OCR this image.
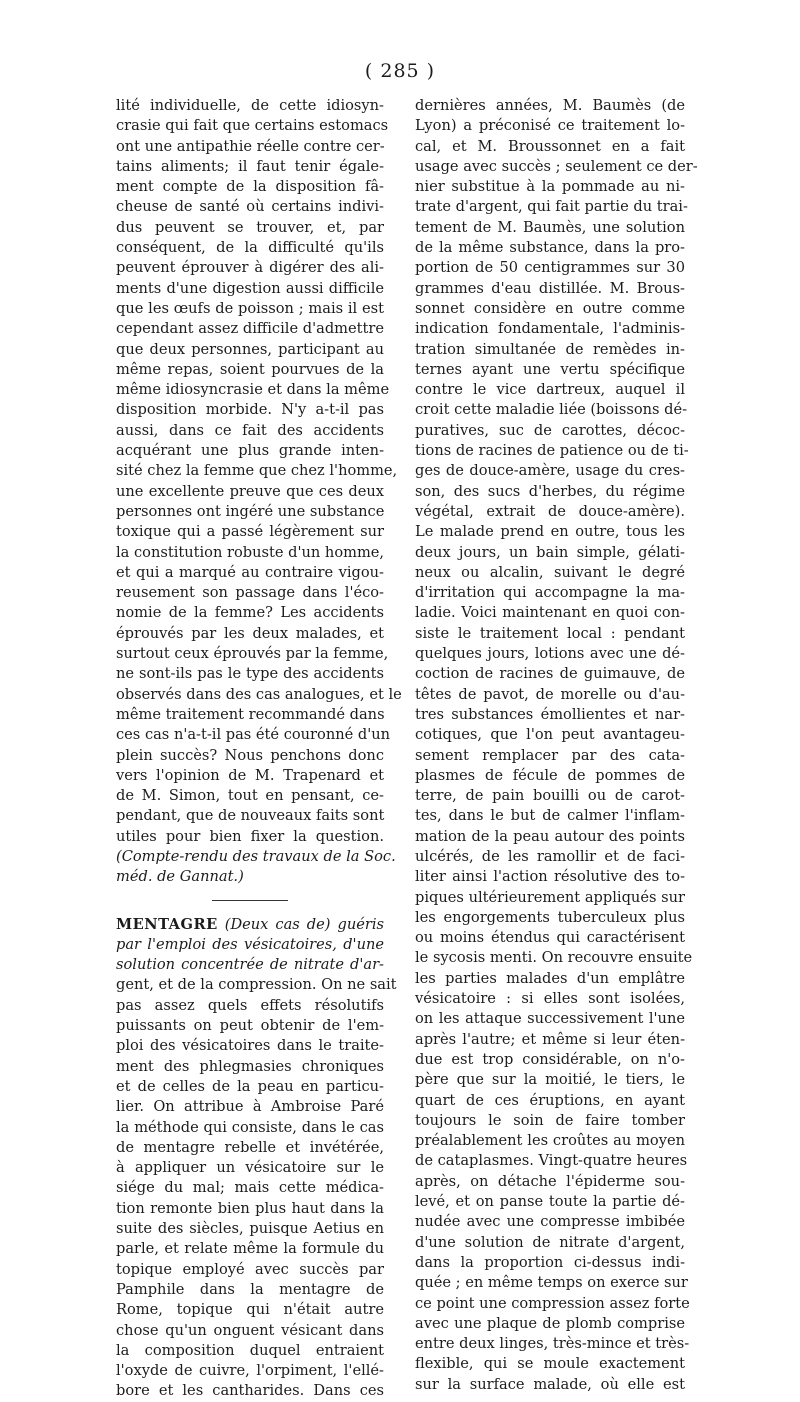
( 285 )
lité individuelle, de cette idiosyn-
crasie qui fait que certains estomacs
ont une antipathie réelle contre cer-
tains aliments; il faut tenir égale-
ment compte de la disposition fâ-
cheuse de santé où certains indivi-
dus peuvent se trouver, et, par
conséquent, de la difficulté qu'ils
peuvent éprouver à digérer des ali-
ments d'une digestion aussi difficile
que les œufs de poisson ; mais il est
cependant assez difficile d'admettre
que deux personnes, participant au
même repas, soient pourvues de la
même idiosyncrasie et dans la même
disposition morbide. N'y a-t-il pas
aussi, dans ce fait des accidents
acquérant une plus grande inten-
sité chez la femme que chez l'homme,
une excellente preuve que ces deux
personnes ont ingéré une substance
toxique qui a passé légèrement sur
la constitution robuste d'un homme,
et qui a marqué au contraire vigou-
reusement son passage dans l'éco-
nomie de la femme? Les accidents
éprouvés par les deux malades, et
surtout ceux éprouvés par la femme,
ne sont-ils pas le type des accidents
observés dans des cas analogues, et le
même traitement recommandé dans
ces cas n'a-t-il pas été couronné d'un
plein succès? Nous penchons donc
vers l'opinion de M. Trapenard et
de M. Simon, tout en pensant, ce-
pendant, que de nouveaux faits sont
utiles pour bien fixer la question.
(Compte-rendu des travaux de la Soc.
méd. de Gannat.)
MENTAGRE (Deux cas de) guéris
par l'emploi des vésicatoires, d'une
solution concentrée de nitrate d'ar-
gent, et de la compression. On ne sait
pas assez quels effets résolutifs
puissants on peut obtenir de l'em-
ploi des vésicatoires dans le traite-
ment des phlegmasies chroniques
et de celles de la peau en particu-
lier. On attribue à Ambroise Paré
la méthode qui consiste, dans le cas
de mentagre rebelle et invétérée,
à appliquer un vésicatoire sur le
siége du mal; mais cette médica-
tion remonte bien plus haut dans la
suite des siècles, puisque Aetius en
parle, et relate même la formule du
topique employé avec succès par
Pamphile dans la mentagre de
Rome, topique qui n'était autre
chose qu'un onguent vésicant dans
la composition duquel entraient
l'oxyde de cuivre, l'orpiment, l'ellé-
bore et les cantharides. Dans ces
dernières années, M. Baumès (de
Lyon) a préconisé ce traitement lo-
cal, et M. Broussonnet en a fait
usage avec succès ; seulement ce der-
nier substitue à la pommade au ni-
trate d'argent, qui fait partie du trai-
tement de M. Baumès, une solution
de la même substance, dans la pro-
portion de 50 centigrammes sur 30
grammes d'eau distillée. M. Brous-
sonnet considère en outre comme
indication fondamentale, l'adminis-
tration simultanée de remèdes in-
ternes ayant une vertu spécifique
contre le vice dartreux, auquel il
croit cette maladie liée (boissons dé-
puratives, suc de carottes, décoc-
tions de racines de patience ou de ti-
ges de douce-amère, usage du cres-
son, des sucs d'herbes, du régime
végétal, extrait de douce-amère).
Le malade prend en outre, tous les
deux jours, un bain simple, gélati-
neux ou alcalin, suivant le degré
d'irritation qui accompagne la ma-
ladie. Voici maintenant en quoi con-
siste le traitement local : pendant
quelques jours, lotions avec une dé-
coction de racines de guimauve, de
têtes de pavot, de morelle ou d'au-
tres substances émollientes et nar-
cotiques, que l'on peut avantageu-
sement remplacer par des cata-
plasmes de fécule de pommes de
terre, de pain bouilli ou de carot-
tes, dans le but de calmer l'inflam-
mation de la peau autour des points
ulcérés, de les ramollir et de faci-
liter ainsi l'action résolutive des to-
piques ultérieurement appliqués sur
les engorgements tuberculeux plus
ou moins étendus qui caractérisent
le sycosis menti. On recouvre ensuite
les parties malades d'un emplâtre
vésicatoire : si elles sont isolées,
on les attaque successivement l'une
après l'autre; et même si leur éten-
due est trop considérable, on n'o-
père que sur la moitié, le tiers, le
quart de ces éruptions, en ayant
toujours le soin de faire tomber
préalablement les croûtes au moyen
de cataplasmes. Vingt-quatre heures
après, on détache l'épiderme sou-
levé, et on panse toute la partie dé-
nudée avec une compresse imbibée
d'une solution de nitrate d'argent,
dans la proportion ci-dessus indi-
quée ; en même temps on exerce sur
ce point une compression assez forte
avec une plaque de plomb comprise
entre deux linges, très-mince et très-
flexible, qui se moule exactement
sur la surface malade, où elle est
